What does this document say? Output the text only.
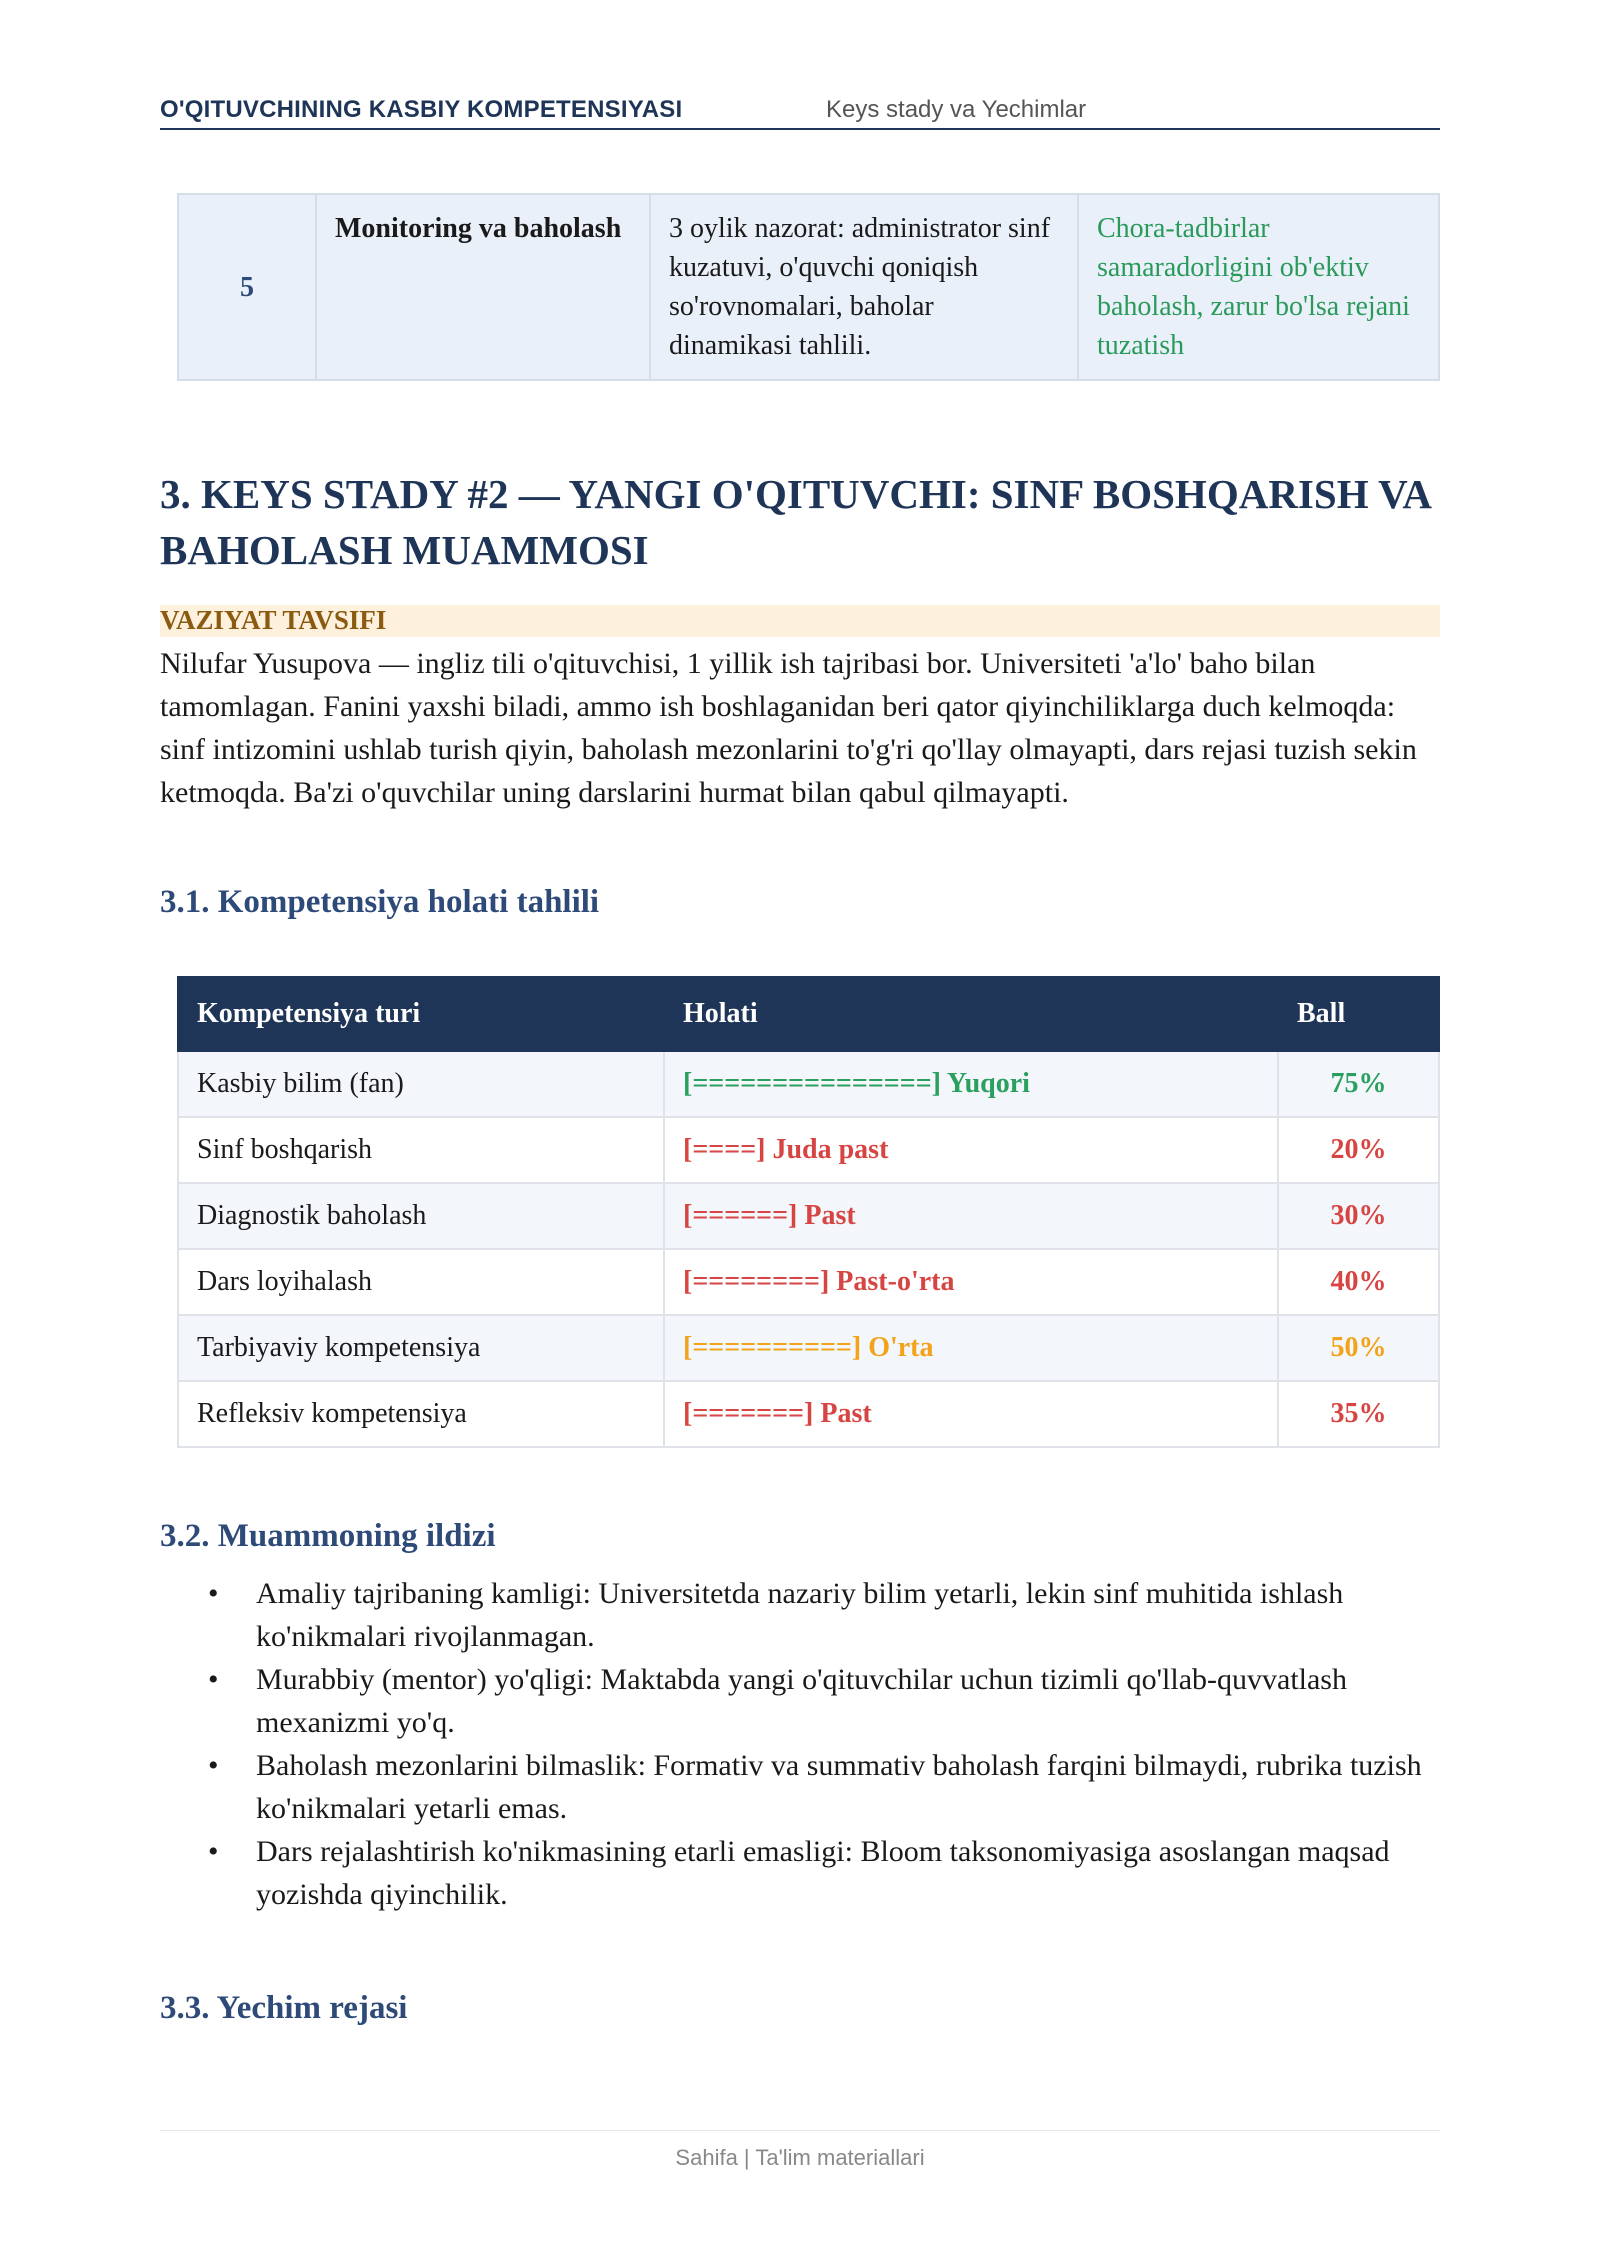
O'QITUVCHINING KASBIY KOMPETENSIYASI	Keys stady va Yechimlar
5	Monitoring va baholash	3 oylik nazorat: administrator sinf kuzatuvi, o'quvchi qoniqish so'rovnomalari, baholar dinamikasi tahlili.	Chora-tadbirlar samaradorligini ob'ektiv baholash, zarur bo'lsa rejani tuzatish
3. KEYS STADY #2 — YANGI O'QITUVCHI: SINF BOSHQARISH VA BAHOLASH MUAMMOSI
VAZIYAT TAVSIFI
Nilufar Yusupova — ingliz tili o'qituvchisi, 1 yillik ish tajribasi bor. Universiteti 'a'lo' baho bilan tamomlagan. Fanini yaxshi biladi, ammo ish boshlaganidan beri qator qiyinchiliklarga duch kelmoqda: sinf intizomini ushlab turish qiyin, baholash mezonlarini to'g'ri qo'llay olmayapti, dars rejasi tuzish sekin ketmoqda. Ba'zi o'quvchilar uning darslarini hurmat bilan qabul qilmayapti.
3.1. Kompetensiya holati tahlili
Kompetensiya turi	Holati	Ball
Kasbiy bilim (fan)	[===============] Yuqori	75%
Sinf boshqarish	[====] Juda past	20%
Diagnostik baholash	[======] Past	30%
Dars loyihalash	[========] Past-o'rta	40%
Tarbiyaviy kompetensiya	[==========] O'rta	50%
Refleksiv kompetensiya	[=======] Past	35%
3.2. Muammoning ildizi
• Amaliy tajribaning kamligi: Universitetda nazariy bilim yetarli, lekin sinf muhitida ishlash ko'nikmalari rivojlanmagan.
• Murabbiy (mentor) yo'qligi: Maktabda yangi o'qituvchilar uchun tizimli qo'llab-quvvatlash mexanizmi yo'q.
• Baholash mezonlarini bilmaslik: Formativ va summativ baholash farqini bilmaydi, rubrika tuzish ko'nikmalari yetarli emas.
• Dars rejalashtirish ko'nikmasining etarli emasligi: Bloom taksonomiyasiga asoslangan maqsad yozishda qiyinchilik.
3.3. Yechim rejasi
Sahifa | Ta'lim materiallari
